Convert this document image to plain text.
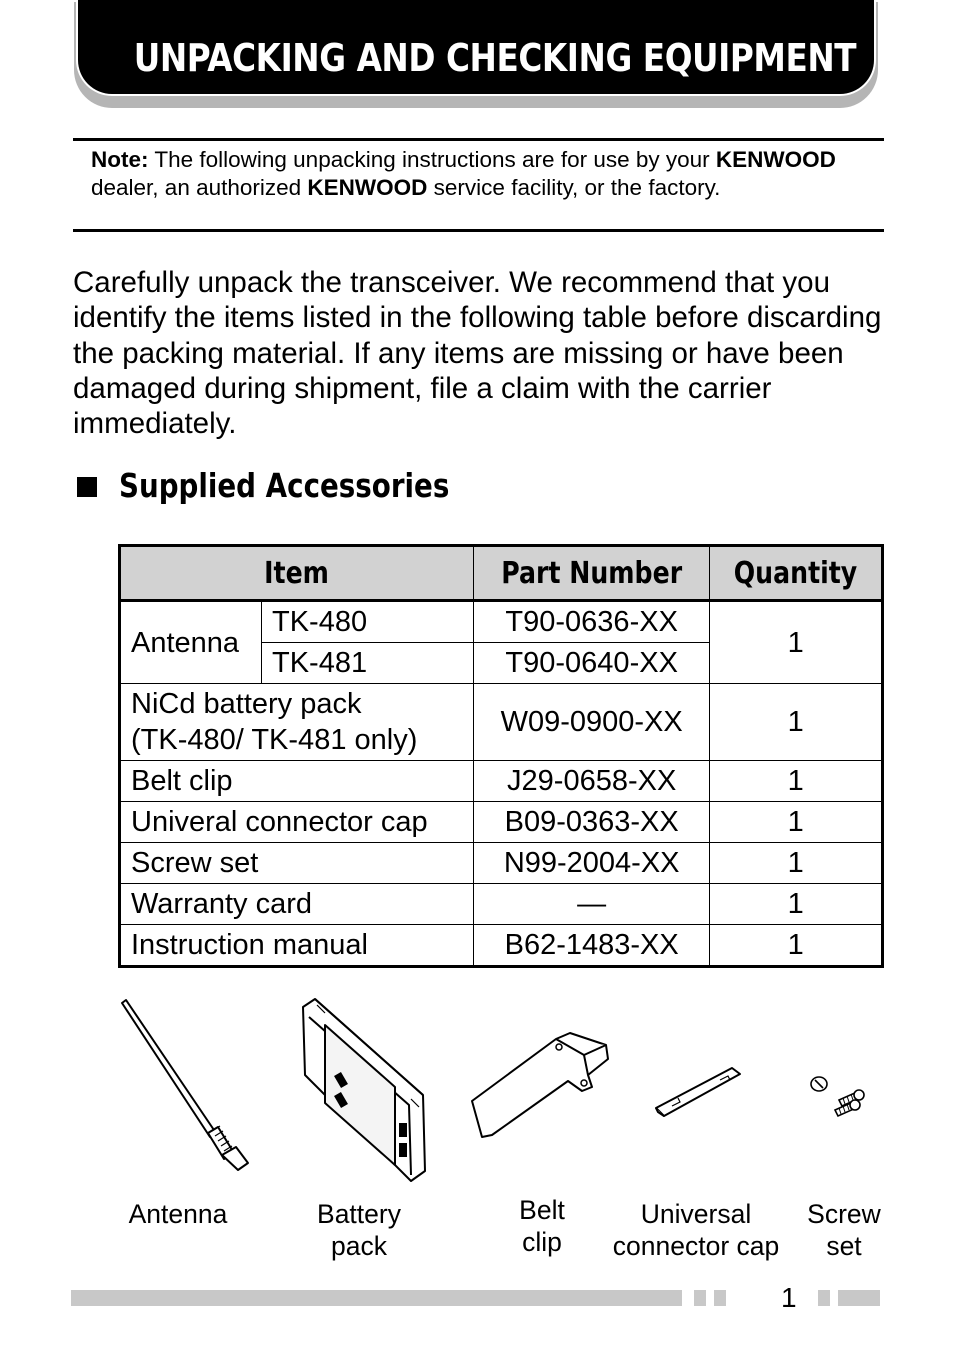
UNPACKING AND CHECKING EQUIPMENT
Note: The following unpacking instructions are for use by your KENWOOD dealer, an authorized KENWOOD service facility, or the factory.
Carefully unpack the transceiver. We recommend that you identify the items listed in the following table before discarding the packing material. If any items are missing or have been damaged during shipment, file a claim with the carrier immediately.
Supplied Accessories
Item		Part Number	Quantity
Antenna	TK-480	T90-0636-XX	1
	TK-481	T90-0640-XX	

NiCd battery pack
(TK-480/ TK-481 only)		W09-0900-XX	1
Belt clip		J29-0658-XX	1
Univeral connector cap		B09-0363-XX	1
Screw set		N99-2004-XX	1
Warranty card		—	1
Instruction manual		B62-1483-XX	1
Antenna	Battery
pack
Belt
clip
Universal
connector cap
Screw
set
1
